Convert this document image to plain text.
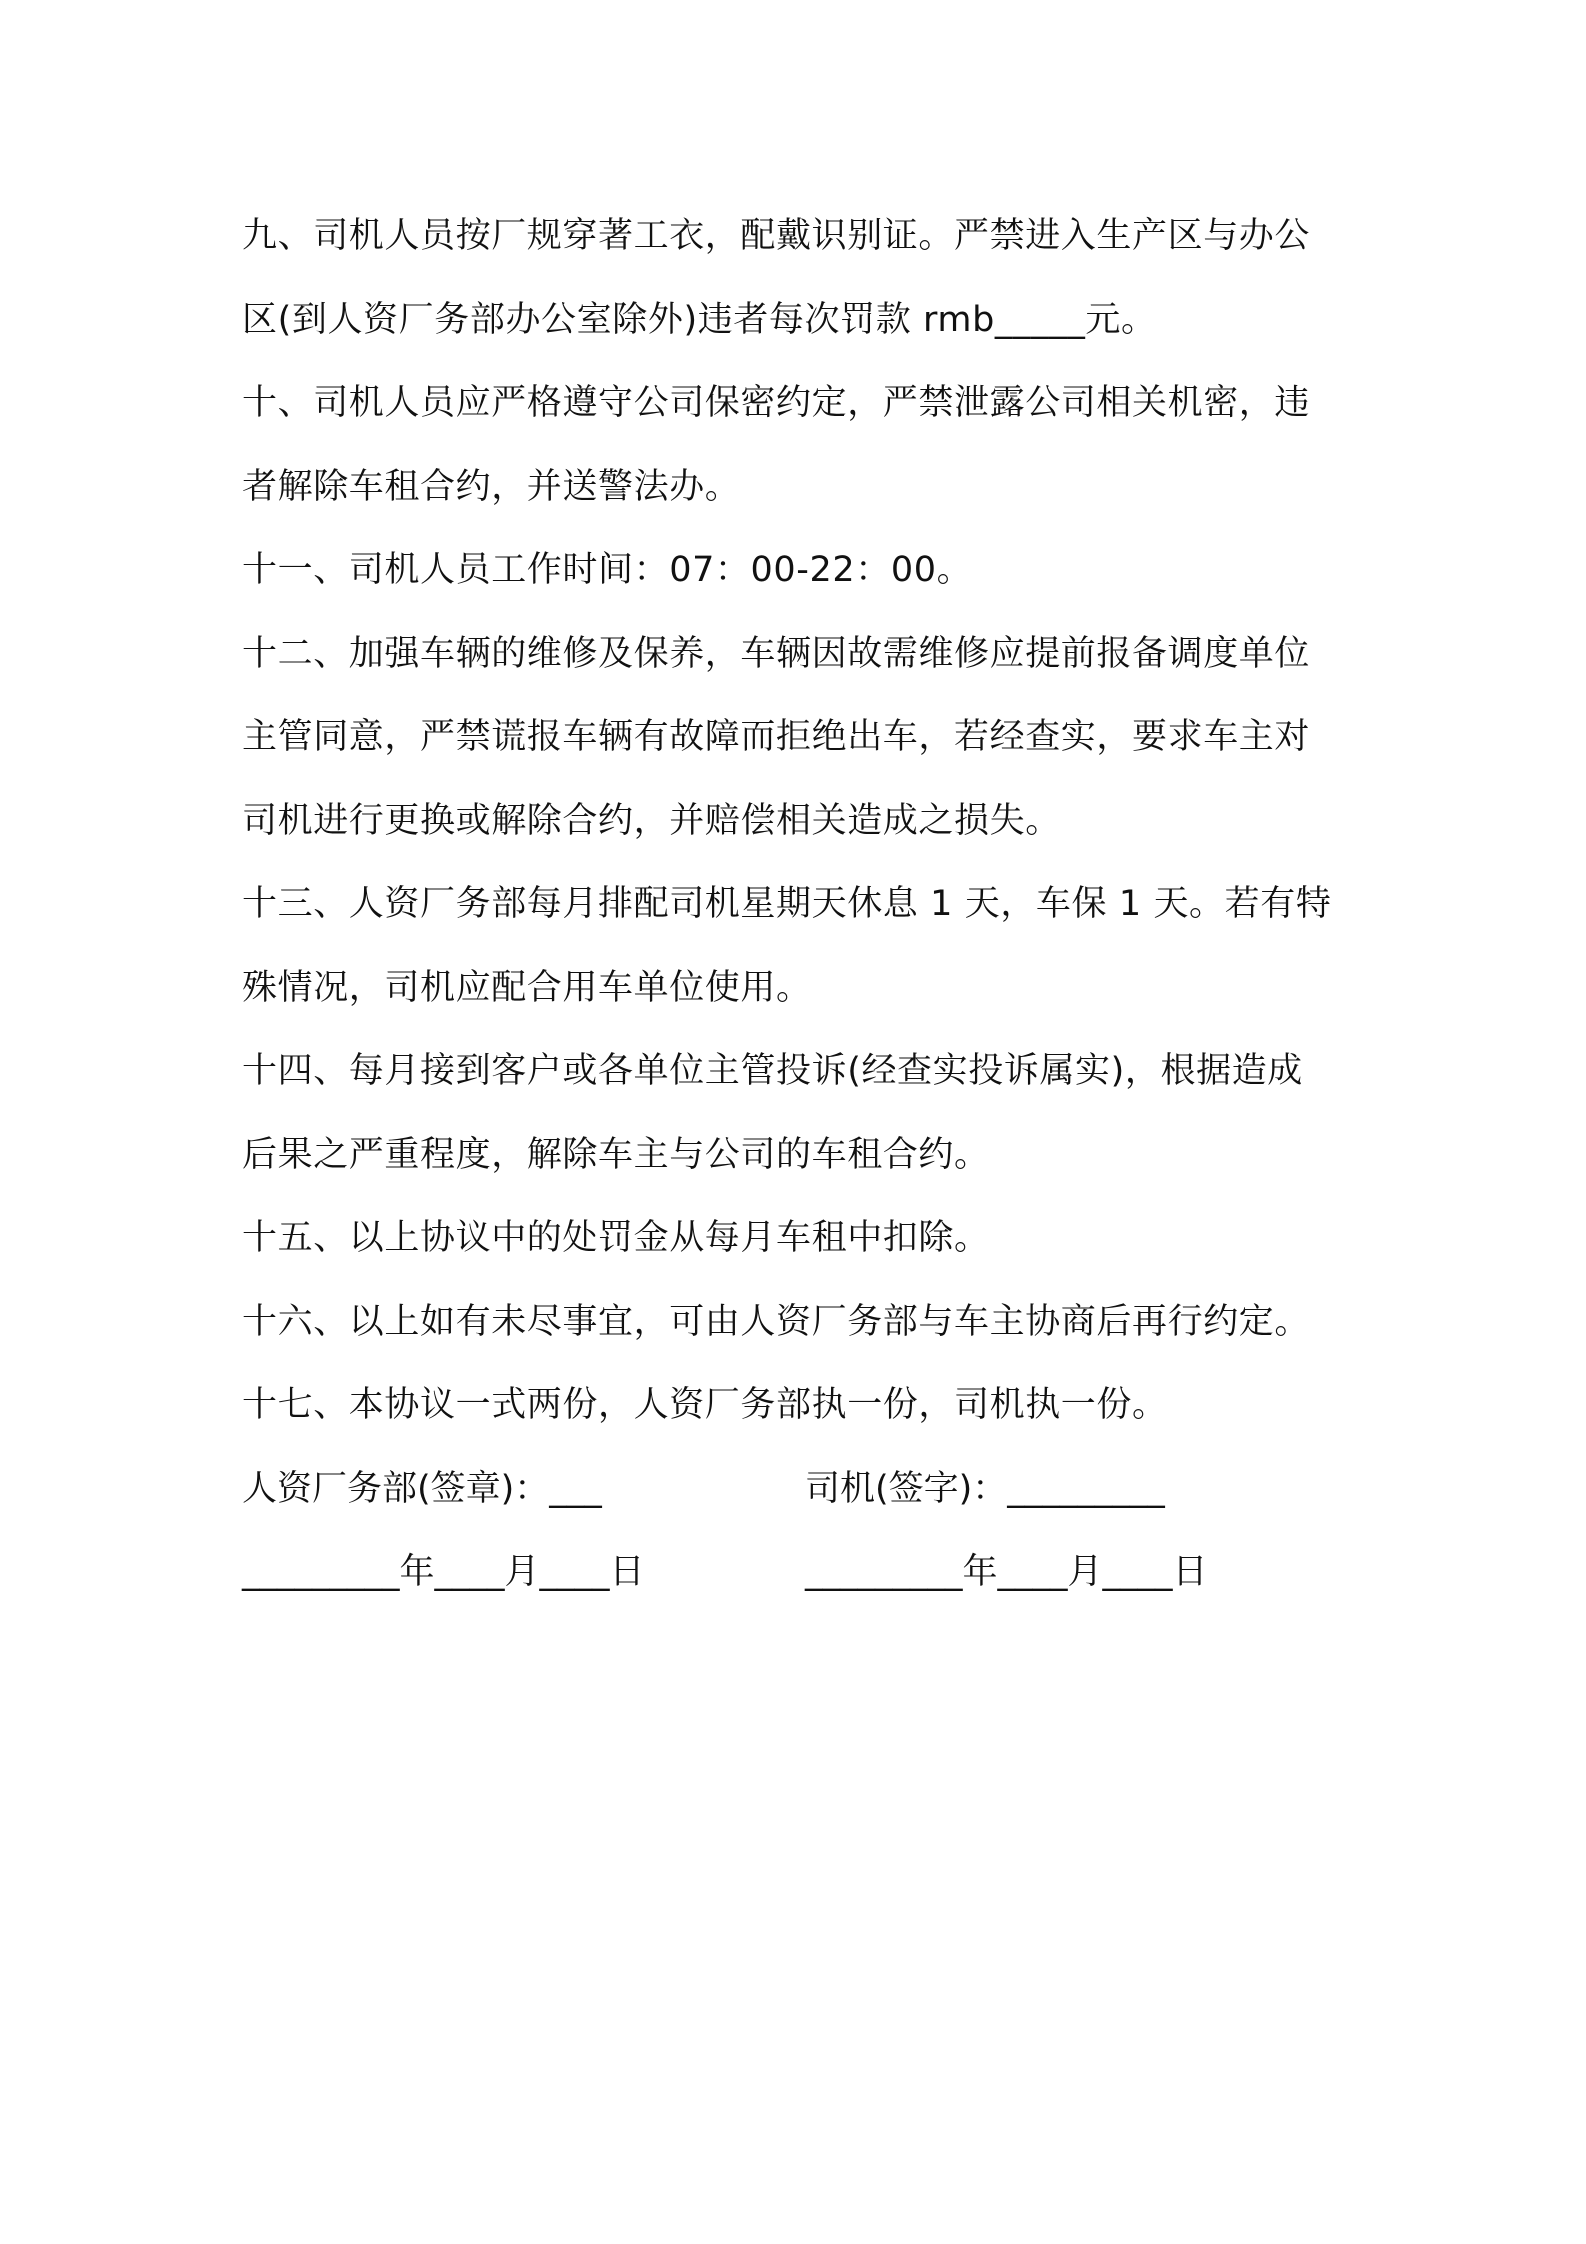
九、司机人员按厂规穿著工衣，配戴识别证。严禁进入生产区与办公
区(到人资厂务部办公室除外)违者每次罚款 rmb_____元。
十、司机人员应严格遵守公司保密约定，严禁泄露公司相关机密，违
者解除车租合约，并送警法办。
十一、司机人员工作时间：07：00-22：00。
十二、加强车辆的维修及保养，车辆因故需维修应提前报备调度单位
主管同意，严禁谎报车辆有故障而拒绝出车，若经查实，要求车主对
司机进行更换或解除合约，并赔偿相关造成之损失。
十三、人资厂务部每月排配司机星期天休息 1 天，车保 1 天。若有特
殊情况，司机应配合用车单位使用。
十四、每月接到客户或各单位主管投诉(经查实投诉属实)，根据造成
后果之严重程度，解除车主与公司的车租合约。
十五、以上协议中的处罚金从每月车租中扣除。
十六、以上如有未尽事宜，可由人资厂务部与车主协商后再行约定。
十七、本协议一式两份，人资厂务部执一份，司机执一份。
人资厂务部(签章)：___	司机(签字)：_________
_________年____月____日	_________年____月____日
